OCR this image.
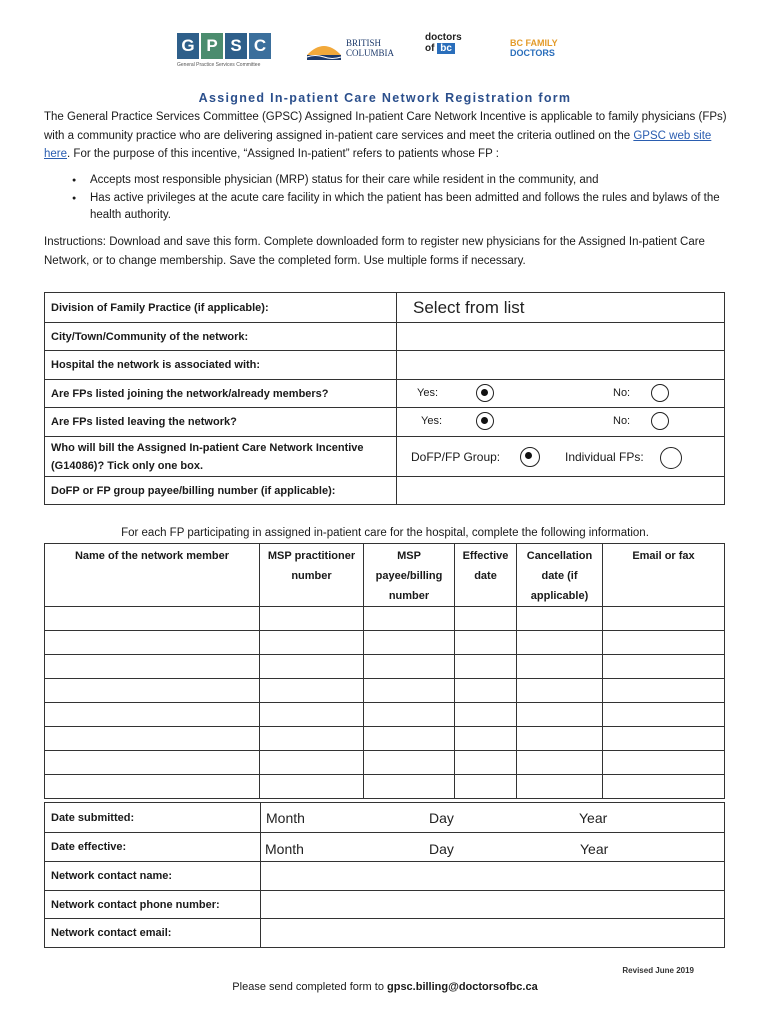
G P S C
General Practice Services Committee
BRITISH
COLUMBIA
doctors
of bc	BC FAMILY
DOCTORS
Assigned In-patient Care Network Registration form
The General Practice Services Committee (GPSC) Assigned In-patient Care Network Incentive is applicable to family physicians (FPs) with a community practice who are delivering assigned in-patient care services and meet the criteria outlined on the GPSC web site here. For the purpose of this incentive, “Assigned In-patient” refers to patients whose FP :
● Accepts most responsible physician (MRP) status for their care while resident in the community, and
● Has active privileges at the acute care facility in which the patient has been admitted and follows the rules and bylaws of the health authority.
Instructions: Download and save this form. Complete downloaded form to register new physicians for the Assigned In-patient Care Network, or to change membership. Save the completed form. Use multiple forms if necessary.
Division of Family Practice (if applicable):	Select from list
City/Town/Community of the network:	
Hospital the network is associated with:	
Are FPs listed joining the network/already members?	Yes: No:

Are FPs listed leaving the network?	Yes: No:

Who will bill the Assigned In-patient Care Network Incentive (G14086)? Tick only one box.	DoFP/FP Group: Individual FPs:

DoFP or FP group payee/billing number (if applicable):	
For each FP participating in assigned in-patient care for the hospital, complete the following information.
Name of the network member	MSP practitioner number	MSP payee/billing number	Effective date	Cancellation date (if applicable)	Email or fax

Date submitted:	Month Day Year

Date effective:	Month Day Year

Network contact name:	
Network contact phone number:	
Network contact email:	
Revised June 2019
Please send completed form to gpsc.billing@doctorsofbc.ca
